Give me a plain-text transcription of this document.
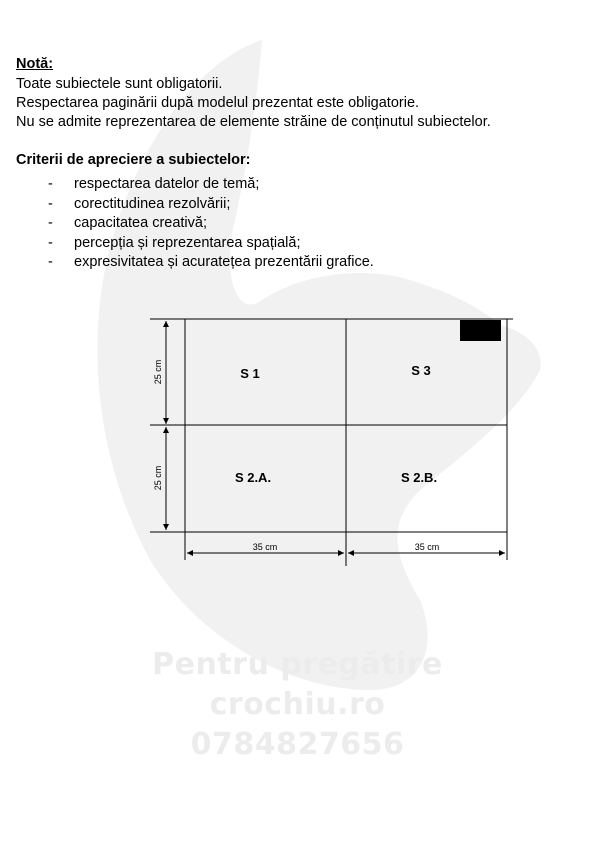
Pentru pregătire
crochiu.ro
0784827656
Notă:
Toate subiectele sunt obligatorii.
Respectarea paginării după modelul prezentat este obligatorie.
Nu se admite reprezentarea de elemente străine de conținutul subiectelor.
Criterii de apreciere a subiectelor:
-	respectarea datelor de temă;
-	corectitudinea rezolvării;
-	capacitatea creativă;
-	percepția și reprezentarea spațială;
-	expresivitatea și acuratețea prezentării grafice.
25 cm
25 cm
35 cm	35 cm
S 1	S 3
S 2.A.	S 2.B.
